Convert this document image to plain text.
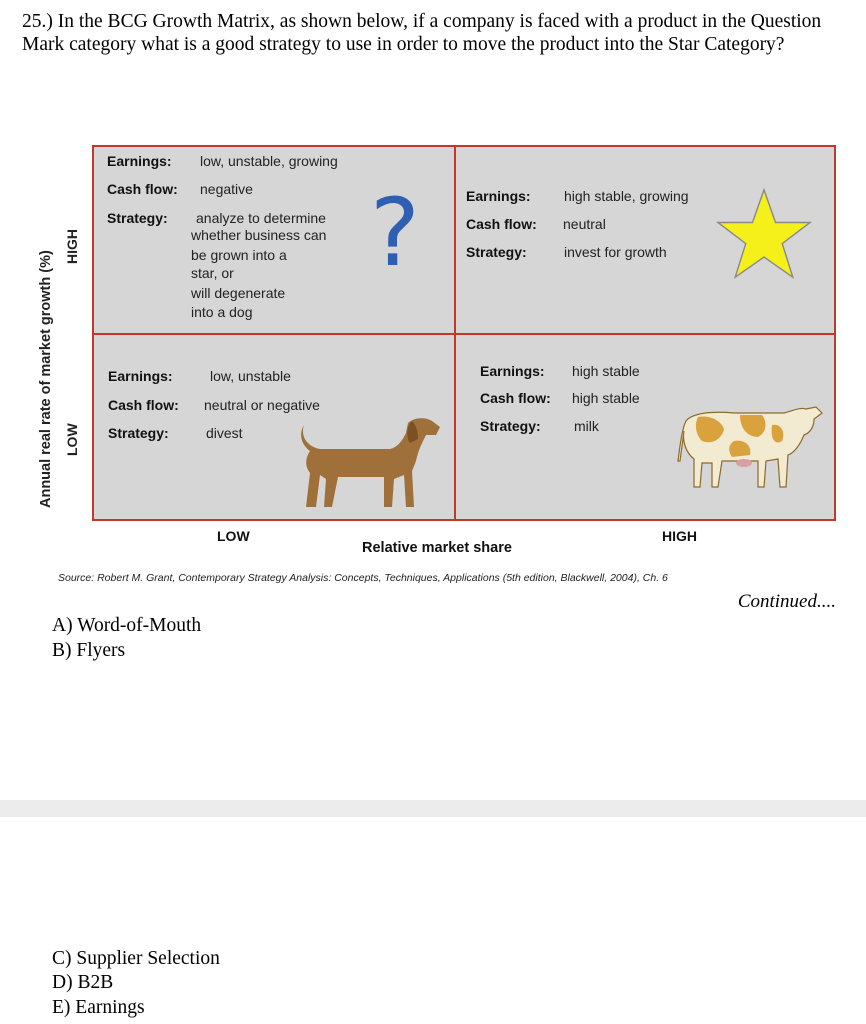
25.) In the BCG Growth Matrix, as shown below, if a company is faced with a product in the Question Mark category what is a good strategy to use in order to move the product into the Star Category?
Annual real rate of market growth (%)
HIGH
LOW
Earnings: low, unstable, growing
Cash flow: negative
Strategy: analyze to determine
whether business can
be grown into a
star, or
will degenerate
into a dog
?	Earnings: high stable, growing
Cash flow: neutral
Strategy:	invest for growth
Earnings:	low, unstable
Cash flow: neutral or negative
Strategy:	divest
Earnings: high stable
Cash flow: high stable
Strategy: milk
LOW	HIGH
Relative market share
Source: Robert M. Grant, Contemporary Strategy Analysis: Concepts, Techniques, Applications (5th edition, Blackwell, 2004), Ch. 6
Continued....
A) Word-of-Mouth
B) Flyers
C) Supplier Selection
D) B2B
E) Earnings
